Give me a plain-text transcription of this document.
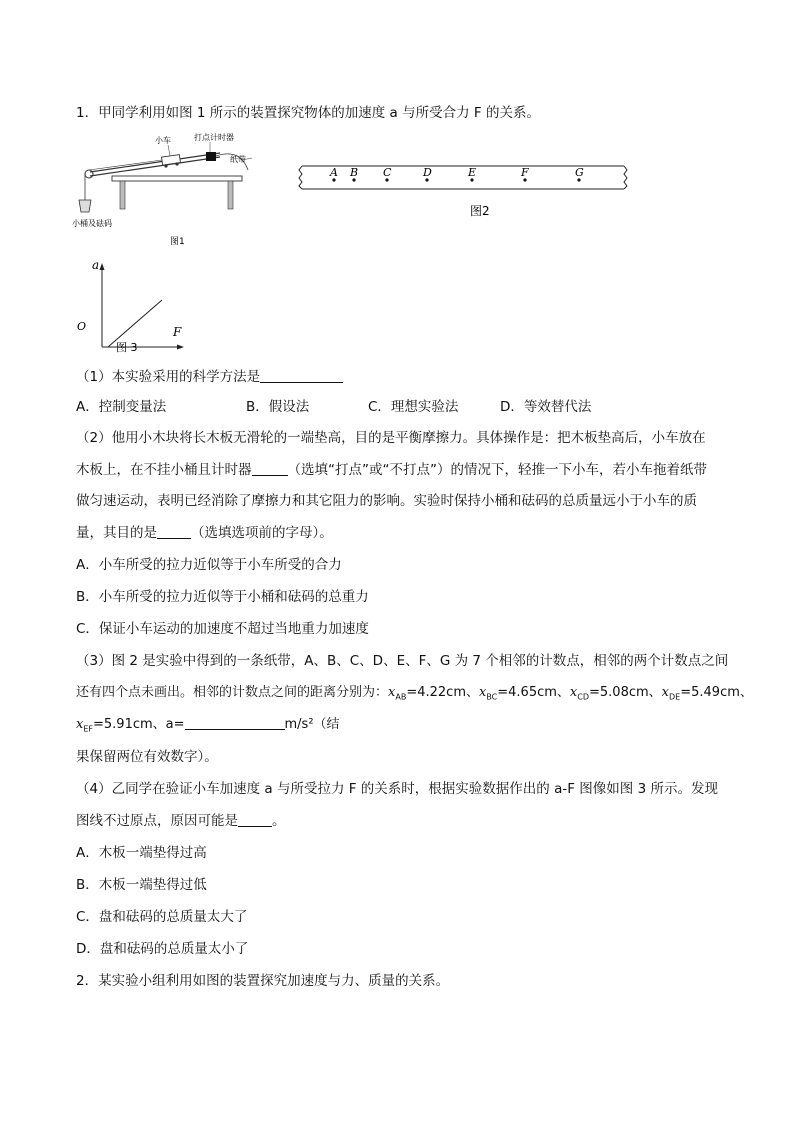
1．甲同学利用如图 1 所示的装置探究物体的加速度 a 与所受合力 F 的关系。
小车	打点计时器
纸带
小桶及砝码
图1
A B C	D	E	F	G
图2
a
F
O
图 3
（1）本实验采用的科学方法是
A．控制变量法	B．假设法	C．理想实验法	D．等效替代法
（2）他用小木块将长木板无滑轮的一端垫高，目的是平衡摩擦力。具体操作是：把木板垫高后，小车放在
木板上，在不挂小桶且计时器	（选填“打点”或“不打点”）的情况下，轻推一下小车，若小车拖着纸带
做匀速运动，表明已经消除了摩擦力和其它阻力的影响。实验时保持小桶和砝码的总质量远小于小车的质
量，其目的是	（选填选项前的字母）。
A．小车所受的拉力近似等于小车所受的合力
B．小车所受的拉力近似等于小桶和砝码的总重力
C．保证小车运动的加速度不超过当地重力加速度
（3）图 2 是实验中得到的一条纸带，A、B、C、D、E、F、G 为 7 个相邻的计数点，相邻的两个计数点之间
还有四个点未画出。相邻的计数点之间的距离分别为：$x_{AB}=4.22cm$、$x_{BC}=4.65cm$、$x_{CD}=5.08cm$、$x_{DE}=5.49cm$、
$x_{EF}=5.91cm$、a=	m/s²（结
果保留两位有效数字）。
（4）乙同学在验证小车加速度 a 与所受拉力 F 的关系时，根据实验数据作出的 a-F 图像如图 3 所示。发现
图线不过原点，原因可能是	。
A．木板一端垫得过高
B．木板一端垫得过低
C．盘和砝码的总质量太大了
D．盘和砝码的总质量太小了
2．某实验小组利用如图的装置探究加速度与力、质量的关系。
